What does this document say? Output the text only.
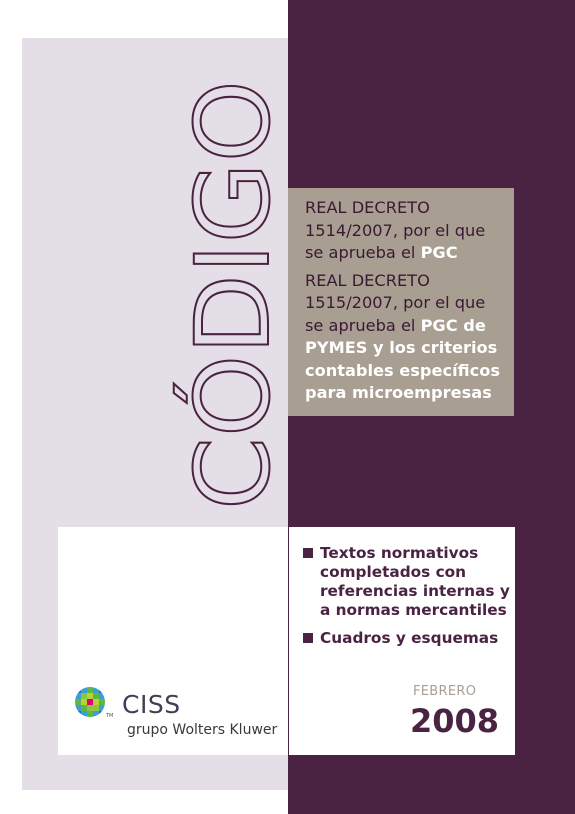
CÓDIGO REAL DECRETO 1514/2007, por el que se aprueba el PGC

REAL DECRETO 1515/2007, por el que se aprueba el PGC de PYMES y los criterios contables específicos para microempresas

Textos normativos completados con referencias internas y a normas mercantiles
Cuadros y esquemas
TM CISS
grupo Wolters Kluwer
FEBRERO
2008
